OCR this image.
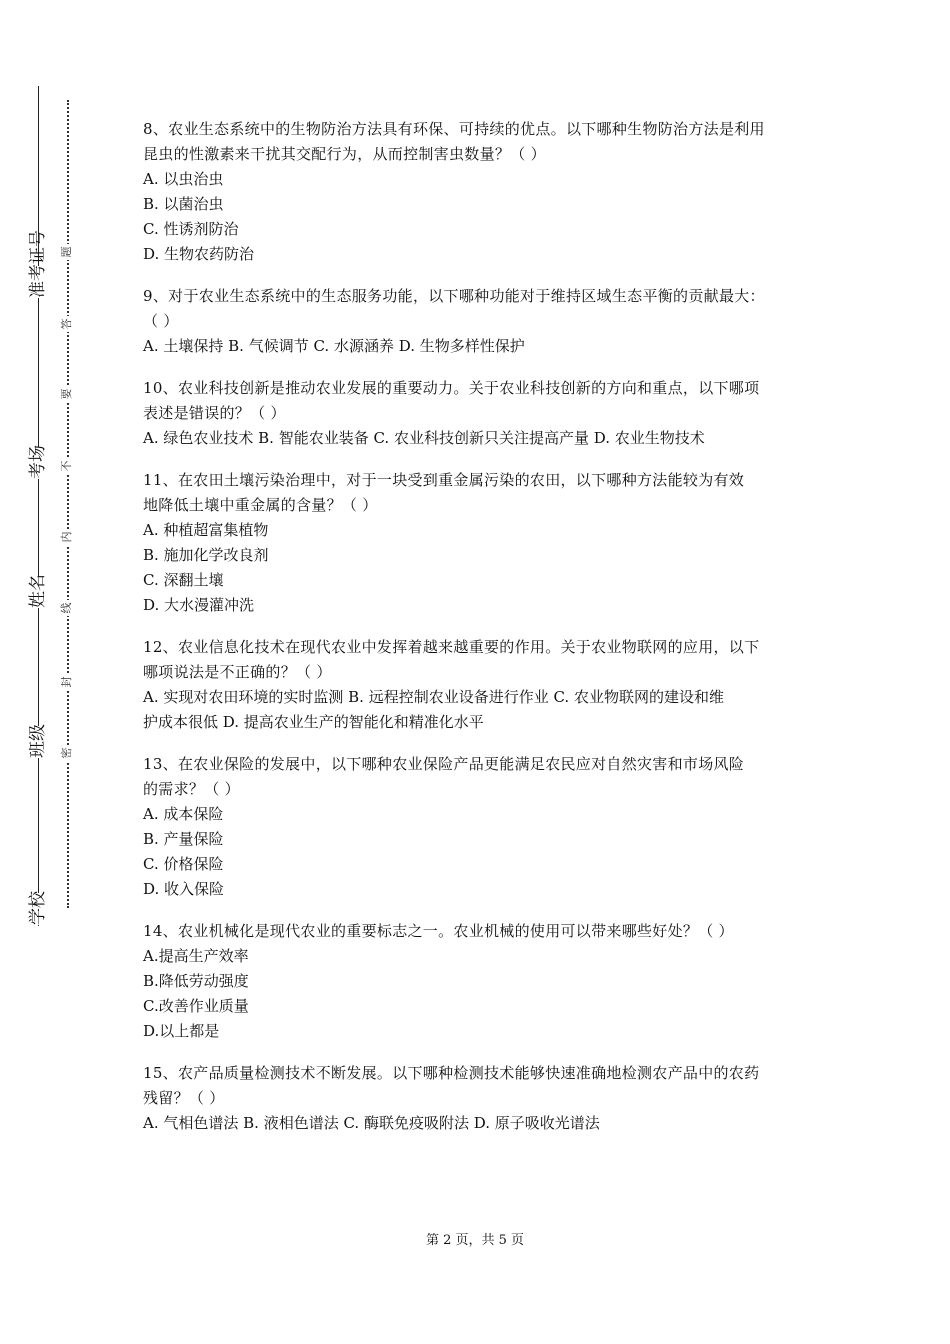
准考证号
考场
姓名
班级
学校
题
答
要
不
内
线
封
密

8、农业生态系统中的生物防治方法具有环保、可持续的优点。以下哪种生物防治方法是利用

昆虫的性激素来干扰其交配行为，从而控制害虫数量？（ ）

A. 以虫治虫

B. 以菌治虫

C. 性诱剂防治

D. 生物农药防治

9、对于农业生态系统中的生态服务功能，以下哪种功能对于维持区域生态平衡的贡献最大：

（ ）

A. 土壤保持 B. 气候调节 C. 水源涵养 D. 生物多样性保护

10、农业科技创新是推动农业发展的重要动力。关于农业科技创新的方向和重点，以下哪项

表述是错误的？（ ）

A. 绿色农业技术 B. 智能农业装备 C. 农业科技创新只关注提高产量 D. 农业生物技术

11、在农田土壤污染治理中，对于一块受到重金属污染的农田，以下哪种方法能较为有效

地降低土壤中重金属的含量？（ ）

A. 种植超富集植物

B. 施加化学改良剂

C. 深翻土壤

D. 大水漫灌冲洗

12、农业信息化技术在现代农业中发挥着越来越重要的作用。关于农业物联网的应用，以下

哪项说法是不正确的？（ ）

A. 实现对农田环境的实时监测 B. 远程控制农业设备进行作业 C. 农业物联网的建设和维

护成本很低 D. 提高农业生产的智能化和精准化水平

13、在农业保险的发展中，以下哪种农业保险产品更能满足农民应对自然灾害和市场风险

的需求？（ ）

A. 成本保险

B. 产量保险

C. 价格保险

D. 收入保险

14、农业机械化是现代农业的重要标志之一。农业机械的使用可以带来哪些好处？（ ）

A.提高生产效率

B.降低劳动强度

C.改善作业质量

D.以上都是

15、农产品质量检测技术不断发展。以下哪种检测技术能够快速准确地检测农产品中的农药

残留？（ ）

A. 气相色谱法 B. 液相色谱法 C. 酶联免疫吸附法 D. 原子吸收光谱法

第 2 页，共 5 页
